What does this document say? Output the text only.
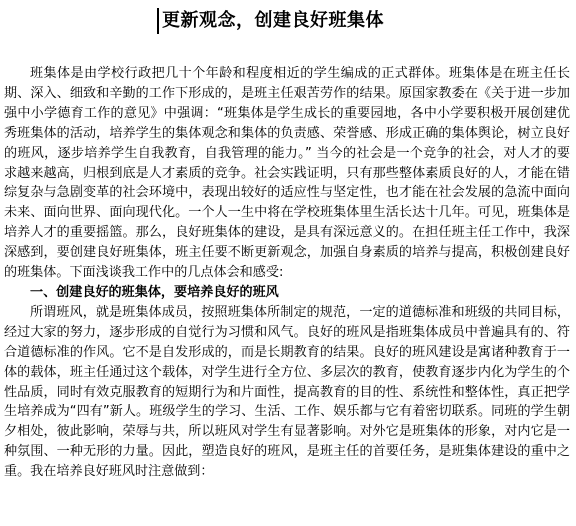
更新观念，创建良好班集体

班集体是由学校行政把几十个年龄和程度相近的学生编成的正式群体。班集体是在班主任长期、深入、细致和辛勤的工作下形成的，是班主任艰苦劳作的结果。原国家教委在《关于进一步加强中小学德育工作的意见》中强调：“班集体是学生成长的重要园地，各中小学要积极开展创建优秀班集体的活动，培养学生的集体观念和集体的负责感、荣誉感、形成正确的集体舆论，树立良好的班风，逐步培养学生自我教育，自我管理的能力。” 当今的社会是一个竞争的社会，对人才的要求越来越高，归根到底是人才素质的竞争。社会实践证明，只有那些整体素质良好的人，才能在错综复杂与急剧变革的社会环境中，表现出较好的适应性与坚定性，也才能在社会发展的急流中面向未来、面向世界、面向现代化。一个人一生中将在学校班集体里生活长达十几年。可见，班集体是培养人才的重要摇篮。那么，良好班集体的建设，是具有深远意义的。在担任班主任工作中，我深深感到，要创建良好班集体，班主任要不断更新观念，加强自身素质的培养与提高，积极创建良好的班集体。下面浅谈我工作中的几点体会和感受:

一、创建良好的班集体，要培养良好的班风

所谓班风，就是班集体成员，按照班集体所制定的规范，一定的道德标准和班级的共同目标，经过大家的努力，逐步形成的自觉行为习惯和风气。良好的班风是指班集体成员中普遍具有的、符合道德标准的作风。它不是自发形成的，而是长期教育的结果。良好的班风建设是寓诸种教育于一体的载体，班主任通过这个载体，对学生进行全方位、多层次的教育，使教育逐步内化为学生的个性品质，同时有效克服教育的短期行为和片面性，提高教育的目的性、系统性和整体性，真正把学生培养成为“四有”新人。班级学生的学习、生活、工作、娱乐都与它有着密切联系。同班的学生朝夕相处，彼此影响，荣辱与共，所以班风对学生有显著影响。对外它是班集体的形象，对内它是一种氛围、一种无形的力量。因此，塑造良好的班风，是班主任的首要任务，是班集体建设的重中之重。我在培养良好班风时注意做到：
